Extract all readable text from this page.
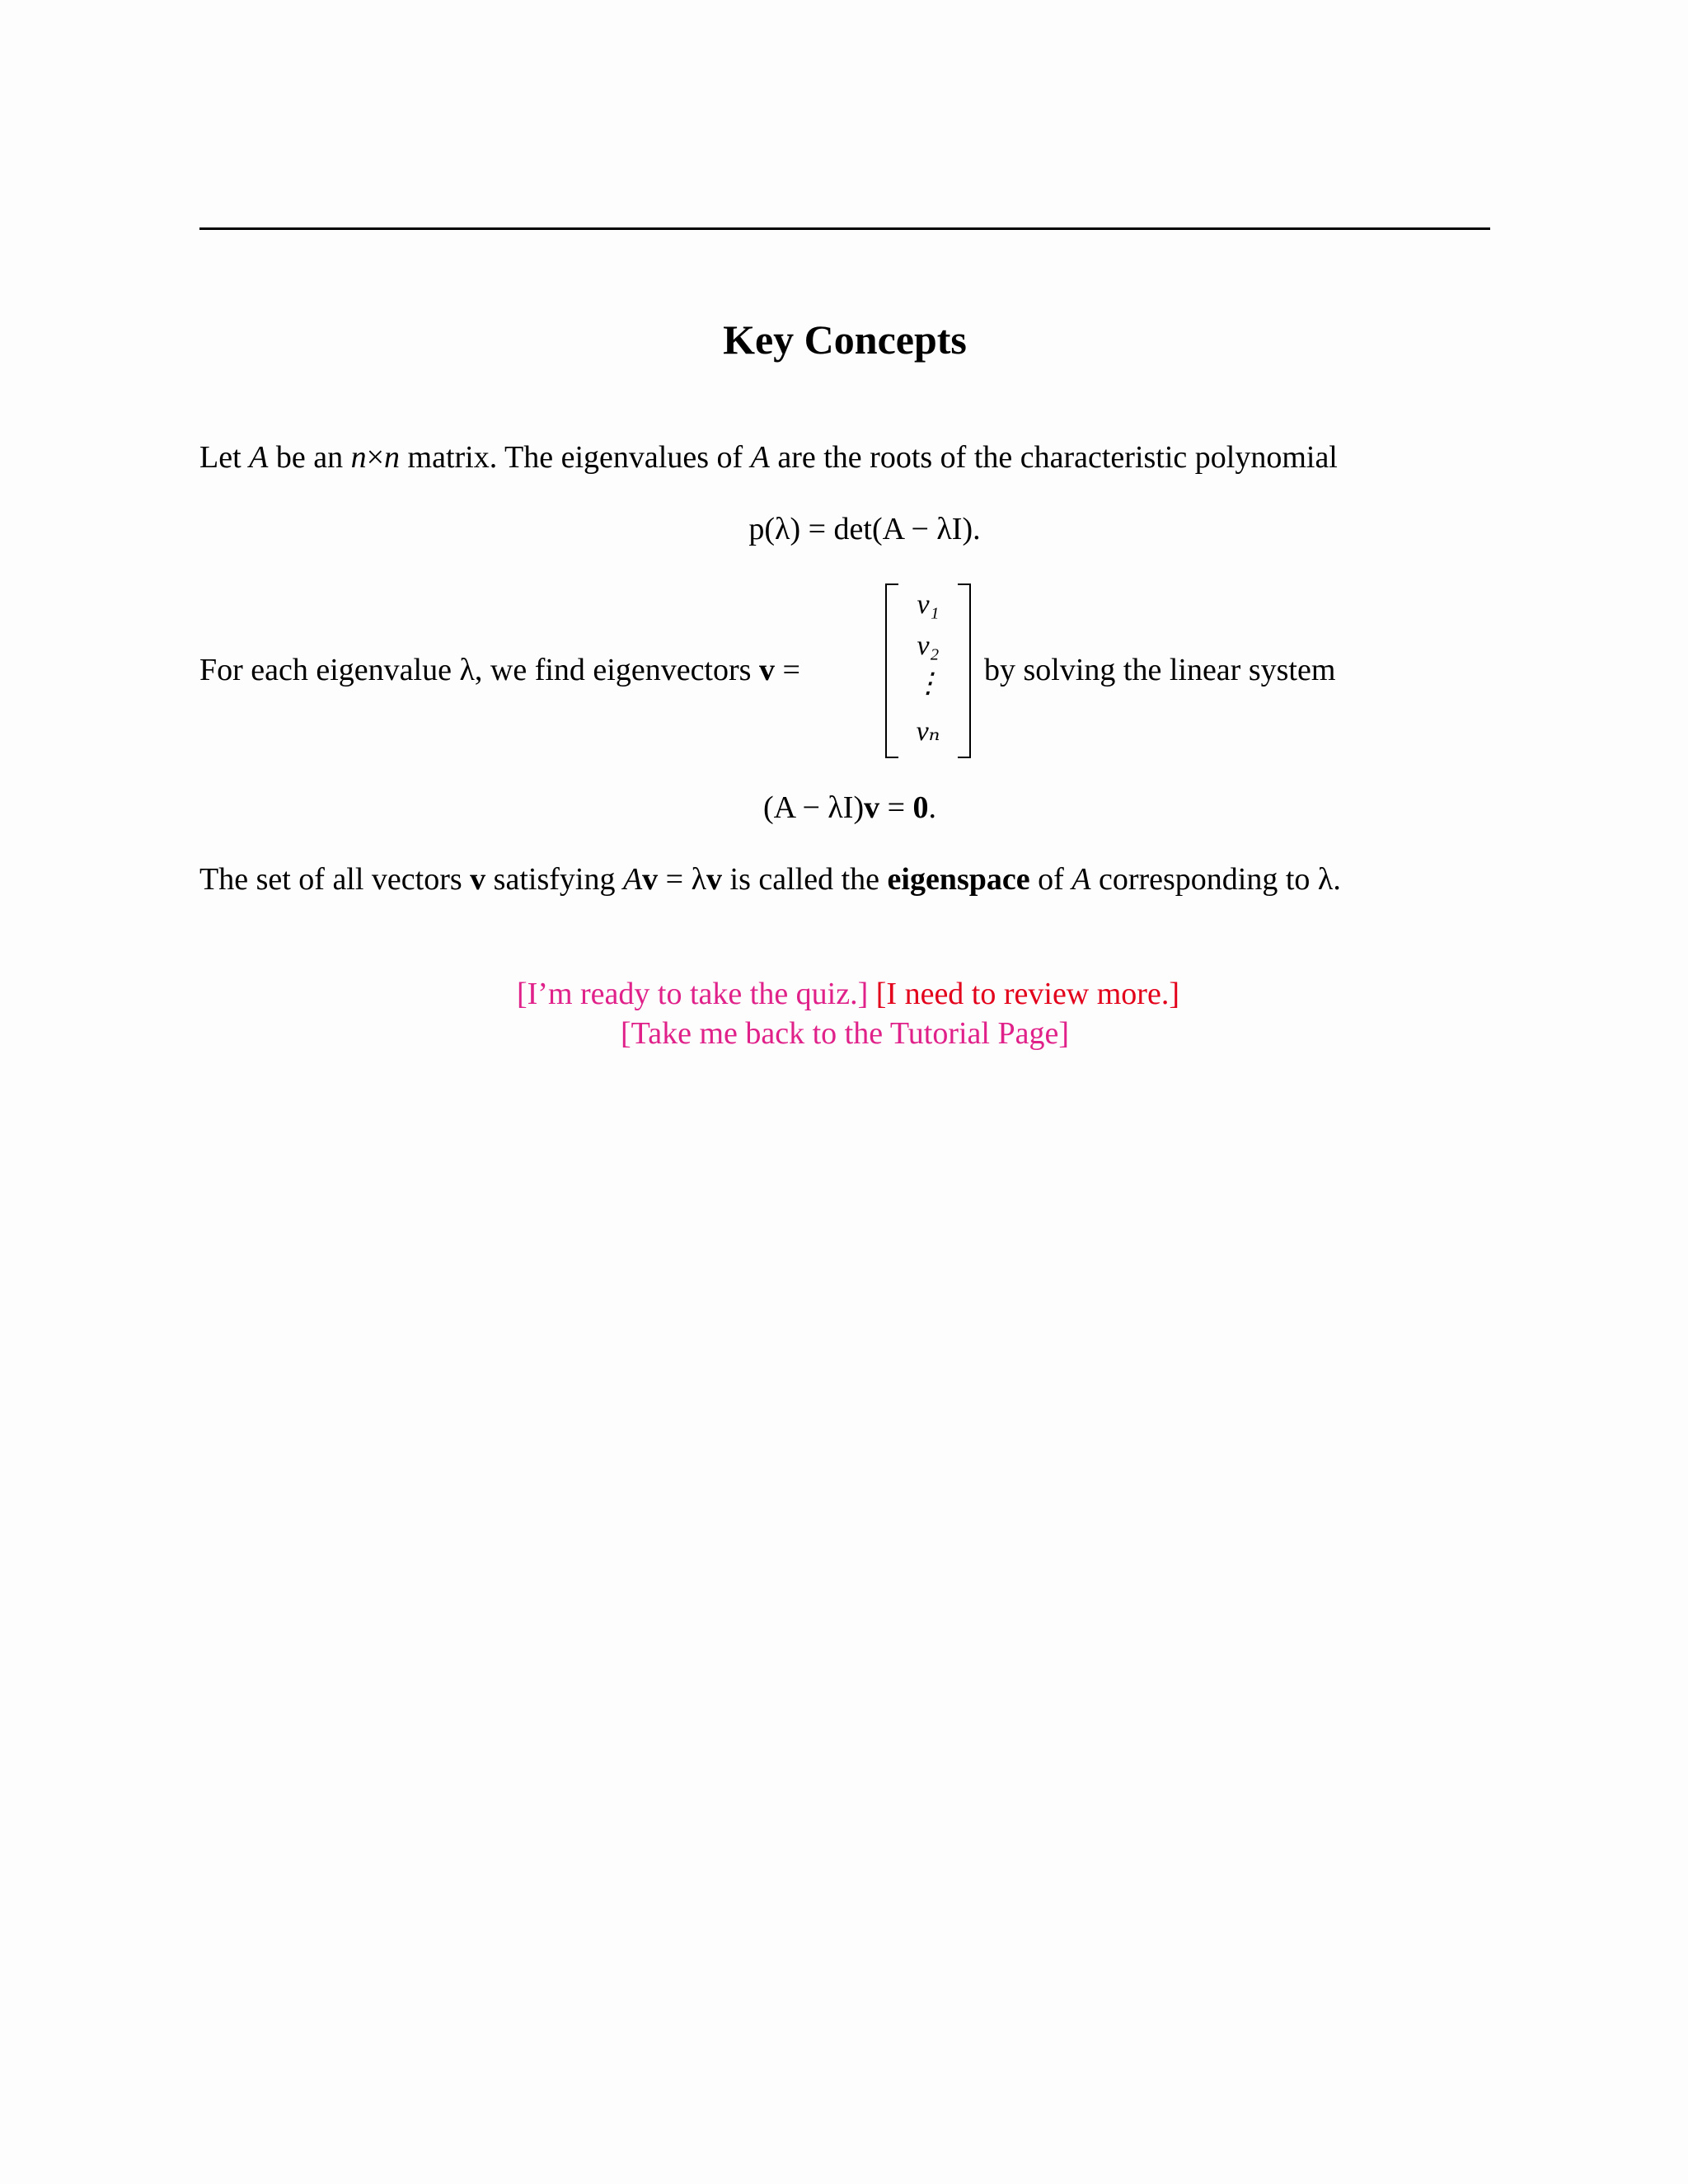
Key Concepts

Let A be an n×n matrix. The eigenvalues of A are the roots of the characteristic polynomial

p(λ) = det(A − λI).
For each eigenvalue λ, we find eigenvectors v =
v₁
v₂
⋮
vₙ
by solving the linear system
(A − λI)v = 0.

The set of all vectors v satisfying Av = λv is called the eigenspace of A corresponding to λ.

[I’m ready to take the quiz.] [I need to review more.]
[Take me back to the Tutorial Page]
